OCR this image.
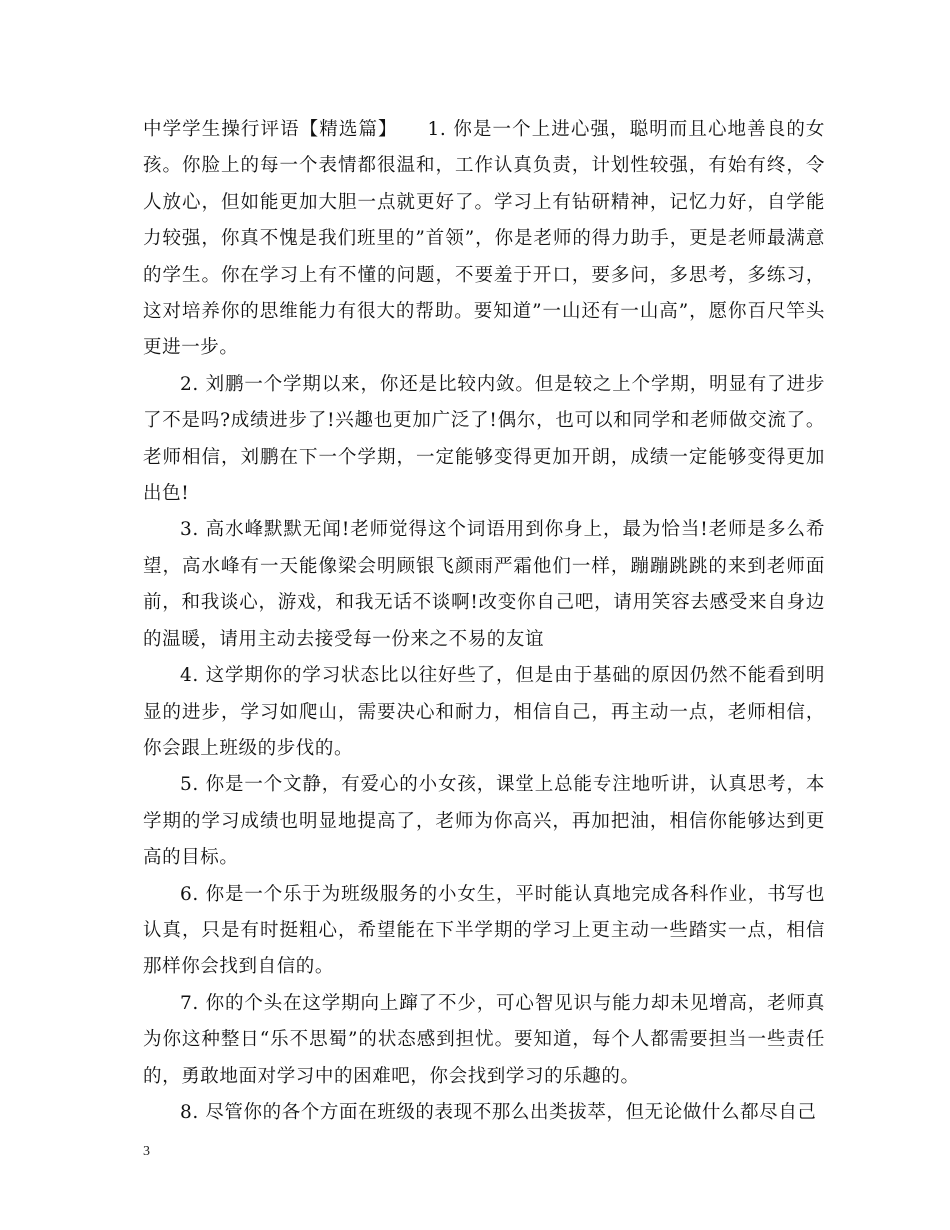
中学学生操行评语【精选篇】　　1. 你是一个上进心强，聪明而且心地善良的女孩。你脸上的每一个表情都很温和，工作认真负责，计划性较强，有始有终，令人放心，但如能更加大胆一点就更好了。学习上有钻研精神，记忆力好，自学能力较强，你真不愧是我们班里的”首领”，你是老师的得力助手，更是老师最满意的学生。你在学习上有不懂的问题，不要羞于开口，要多问，多思考，多练习，这对培养你的思维能力有很大的帮助。要知道”一山还有一山高”，愿你百尺竿头更进一步。

2. 刘鹏一个学期以来，你还是比较内敛。但是较之上个学期，明显有了进步了不是吗?成绩进步了!兴趣也更加广泛了!偶尔，也可以和同学和老师做交流了。老师相信，刘鹏在下一个学期，一定能够变得更加开朗，成绩一定能够变得更加出色!

3. 高水峰默默无闻!老师觉得这个词语用到你身上，最为恰当!老师是多么希望，高水峰有一天能像梁会明顾银飞颜雨严霜他们一样，蹦蹦跳跳的来到老师面前，和我谈心，游戏，和我无话不谈啊!改变你自己吧，请用笑容去感受来自身边的温暖，请用主动去接受每一份来之不易的友谊

4. 这学期你的学习状态比以往好些了，但是由于基础的原因仍然不能看到明显的进步，学习如爬山，需要决心和耐力，相信自己，再主动一点，老师相信，你会跟上班级的步伐的。

5. 你是一个文静，有爱心的小女孩，课堂上总能专注地听讲，认真思考，本学期的学习成绩也明显地提高了，老师为你高兴，再加把油，相信你能够达到更高的目标。

6. 你是一个乐于为班级服务的小女生，平时能认真地完成各科作业，书写也认真，只是有时挺粗心，希望能在下半学期的学习上更主动一些踏实一点，相信那样你会找到自信的。

7. 你的个头在这学期向上蹿了不少，可心智见识与能力却未见增高，老师真为你这种整日“乐不思蜀”的状态感到担忧。要知道，每个人都需要担当一些责任的，勇敢地面对学习中的困难吧，你会找到学习的乐趣的。

8. 尽管你的各个方面在班级的表现不那么出类拔萃，但无论做什么都尽自己

3
